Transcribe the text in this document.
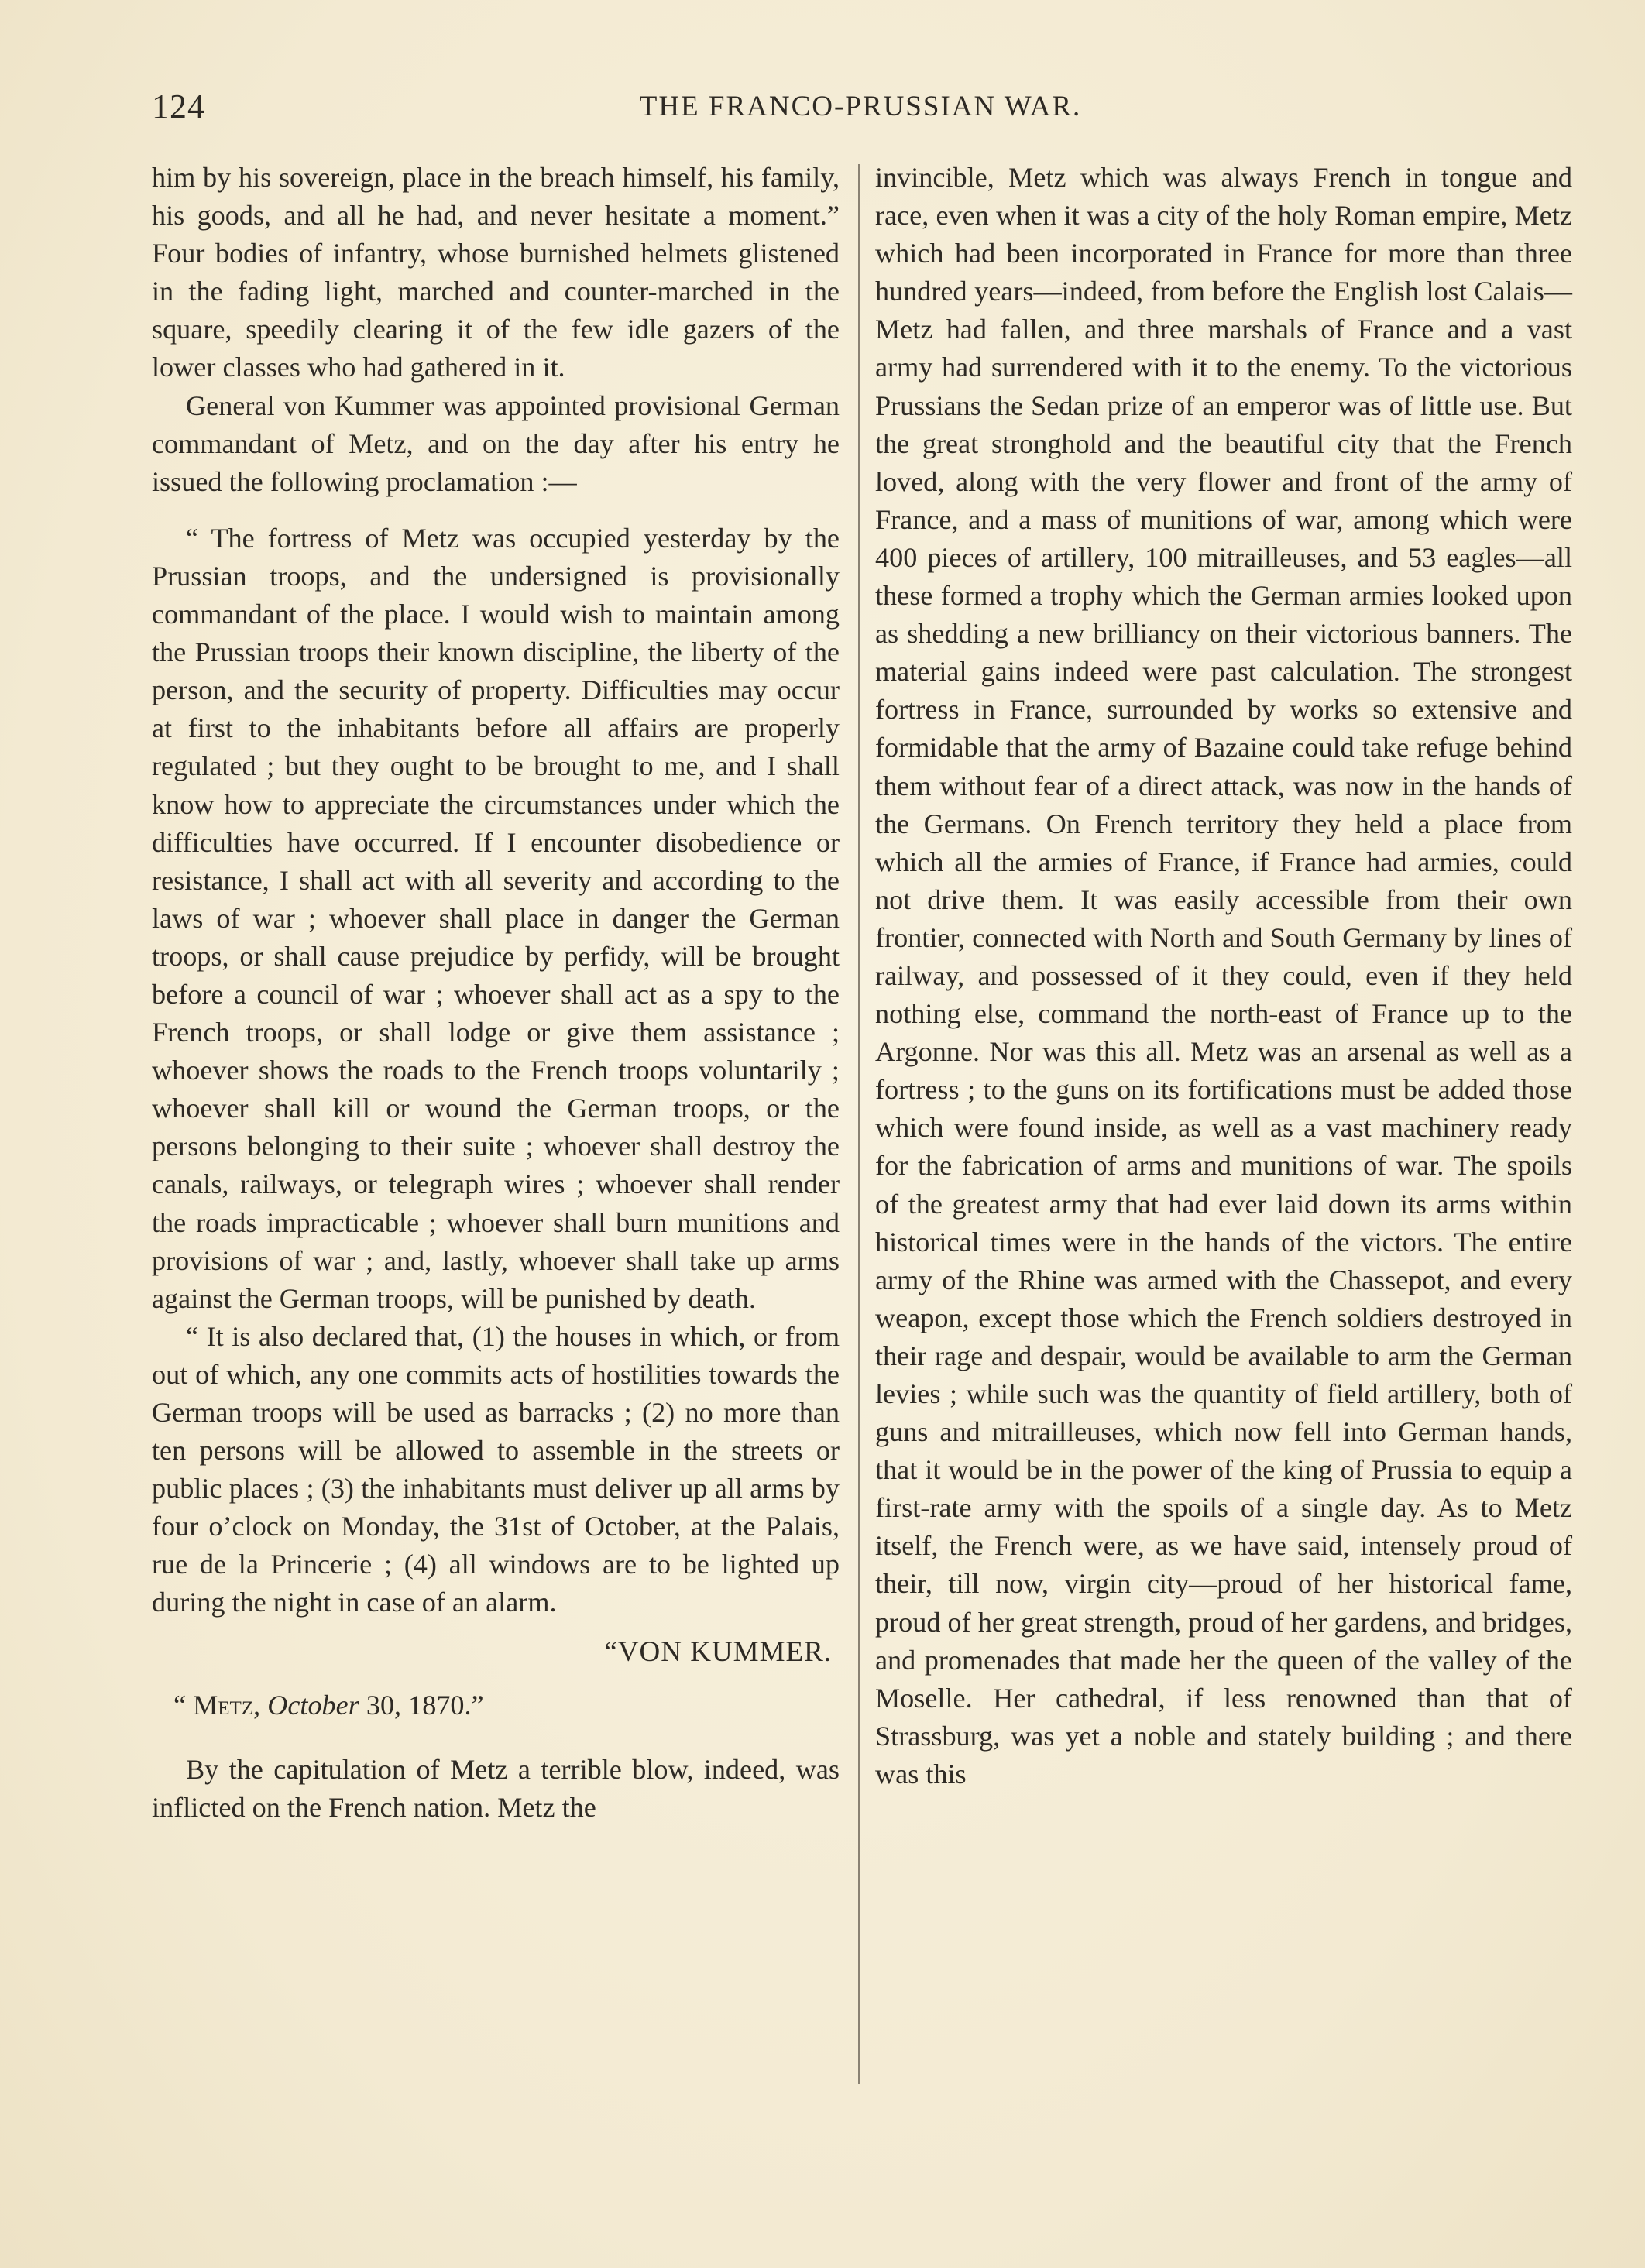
124	THE FRANCO-PRUSSIAN WAR.

him by his sovereign, place in the breach himself, his family, his goods, and all he had, and never hesitate a moment.” Four bodies of infantry, whose burnished helmets glistened in the fading light, marched and counter-marched in the square, speedily clearing it of the few idle gazers of the lower classes who had gathered in it.

General von Kummer was appointed provisional German commandant of Metz, and on the day after his entry he issued the following proclamation :—

“ The fortress of Metz was occupied yesterday by the Prussian troops, and the undersigned is provisionally commandant of the place. I would wish to maintain among the Prussian troops their known discipline, the liberty of the person, and the security of property. Difficulties may occur at first to the inhabitants before all affairs are properly regulated ; but they ought to be brought to me, and I shall know how to appreciate the circumstances under which the difficulties have occurred. If I encounter disobedience or resistance, I shall act with all severity and according to the laws of war ; whoever shall place in danger the German troops, or shall cause prejudice by perfidy, will be brought before a council of war ; whoever shall act as a spy to the French troops, or shall lodge or give them assistance ; whoever shows the roads to the French troops voluntarily ; whoever shall kill or wound the German troops, or the persons belonging to their suite ; whoever shall destroy the canals, railways, or telegraph wires ; whoever shall render the roads impracticable ; whoever shall burn munitions and provisions of war ; and, lastly, whoever shall take up arms against the German troops, will be punished by death.

“ It is also declared that, (1) the houses in which, or from out of which, any one commits acts of hostilities towards the German troops will be used as barracks ; (2) no more than ten persons will be allowed to assemble in the streets or public places ; (3) the inhabitants must deliver up all arms by four o’clock on Monday, the 31st of October, at the Palais, rue de la Princerie ; (4) all windows are to be lighted up during the night in case of an alarm.

“VON KUMMER.

“ Metz, October 30, 1870.”

By the capitulation of Metz a terrible blow, indeed, was inflicted on the French nation. Metz the

invincible, Metz which was always French in tongue and race, even when it was a city of the holy Roman empire, Metz which had been incorporated in France for more than three hundred years—indeed, from before the English lost Calais—Metz had fallen, and three marshals of France and a vast army had surrendered with it to the enemy. To the victorious Prussians the Sedan prize of an emperor was of little use. But the great stronghold and the beautiful city that the French loved, along with the very flower and front of the army of France, and a mass of munitions of war, among which were 400 pieces of artillery, 100 mitrailleuses, and 53 eagles—all these formed a trophy which the German armies looked upon as shedding a new brilliancy on their victorious banners. The material gains indeed were past calculation. The strongest fortress in France, surrounded by works so extensive and formidable that the army of Bazaine could take refuge behind them without fear of a direct attack, was now in the hands of the Germans. On French territory they held a place from which all the armies of France, if France had armies, could not drive them. It was easily accessible from their own frontier, connected with North and South Germany by lines of railway, and possessed of it they could, even if they held nothing else, command the north-east of France up to the Argonne. Nor was this all. Metz was an arsenal as well as a fortress ; to the guns on its fortifications must be added those which were found inside, as well as a vast machinery ready for the fabrication of arms and munitions of war. The spoils of the greatest army that had ever laid down its arms within historical times were in the hands of the victors. The entire army of the Rhine was armed with the Chassepot, and every weapon, except those which the French soldiers destroyed in their rage and despair, would be available to arm the German levies ; while such was the quantity of field artillery, both of guns and mitrailleuses, which now fell into German hands, that it would be in the power of the king of Prussia to equip a first-rate army with the spoils of a single day. As to Metz itself, the French were, as we have said, intensely proud of their, till now, virgin city—proud of her historical fame, proud of her great strength, proud of her gardens, and bridges, and promenades that made her the queen of the valley of the Moselle. Her cathedral, if less renowned than that of Strassburg, was yet a noble and stately building ; and there was this
